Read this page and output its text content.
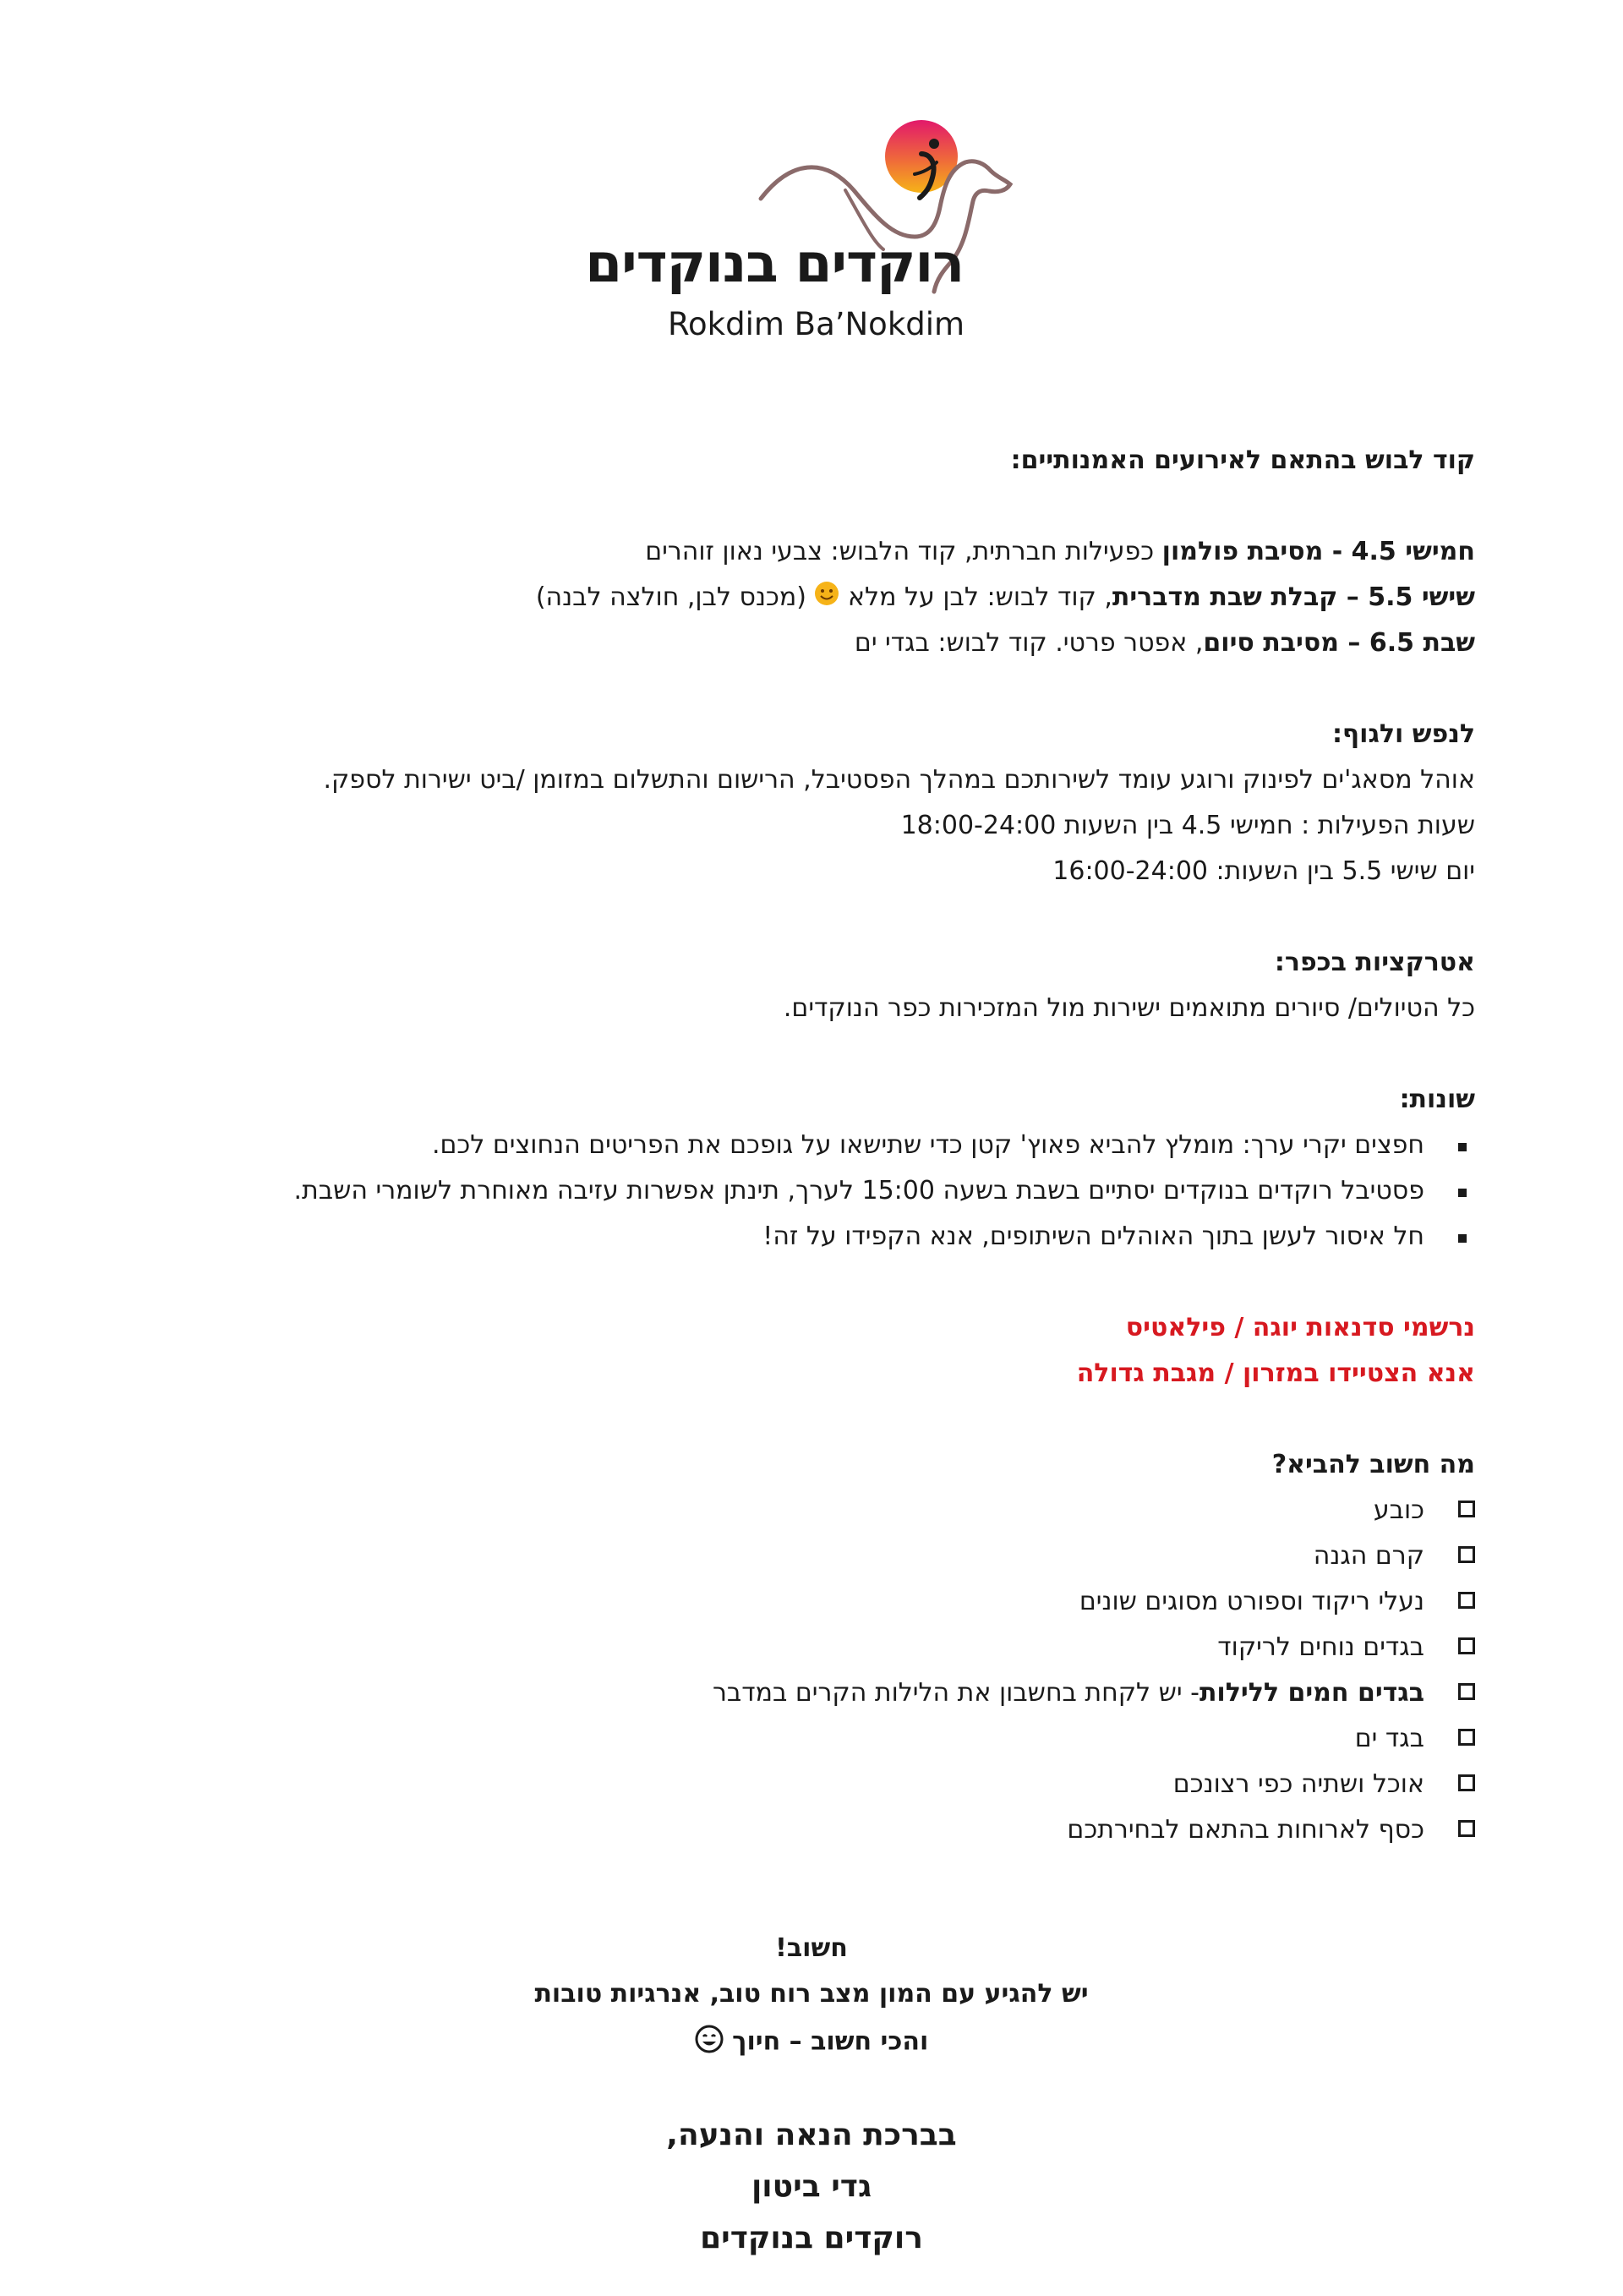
רוקדים בנוקדים
Rokdim Ba’Nokdim
קוד לבוש בהתאם לאירועים האמנותיים:
חמישי 4.5 - מסיבת פולמון כפעילות חברתית, קוד הלבוש: צבעי נאון זוהרים
שישי 5.5 – קבלת שבת מדברית, קוד לבוש: לבן על מלא  (מכנס לבן, חולצה לבנה)
שבת 6.5 – מסיבת סיום, אפטר פרטי. קוד לבוש: בגדי ים
לנפש ולגוף:
אוהל מסאג'ים לפינוק ורוגע עומד לשירותכם במהלך הפסטיבל, הרישום והתשלום במזומן /ביט ישירות לספק.
שעות הפעילות : חמישי 4.5 בין השעות 18:00-24:00
יום שישי 5.5 בין השעות: 16:00-24:00
אטרקציות בכפר:
כל הטיולים/ סיורים מתואמים ישירות מול המזכירות כפר הנוקדים.
שונות:
חפצים יקרי ערך: מומלץ להביא פאוץ' קטן כדי שתישאו על גופכם את הפריטים הנחוצים לכם.
פסטיבל רוקדים בנוקדים יסתיים בשבת בשעה 15:00 לערך, תינתן אפשרות עזיבה מאוחרת לשומרי השבת.
חל איסור לעשן בתוך האוהלים השיתופים, אנא הקפידו על זה!
נרשמי סדנאות יוגה / פילאטיס
אנא הצטיידו במזרון / מגבת גדולה
מה חשוב להביא?
כובע
קרם הגנה
נעלי ריקוד וספורט מסוגים שונים
בגדים נוחים לריקוד
בגדים חמים ללילות- יש לקחת בחשבון את הלילות הקרים במדבר
בגד ים
אוכל ושתיה כפי רצונכם
כסף לארוחות בהתאם לבחירתכם
חשוב!
יש להגיע עם המון מצב רוח טוב, אנרגיות טובות
והכי חשוב – חיוך
בברכת הנאה והנעה,
גדי ביטון
רוקדים בנוקדים
